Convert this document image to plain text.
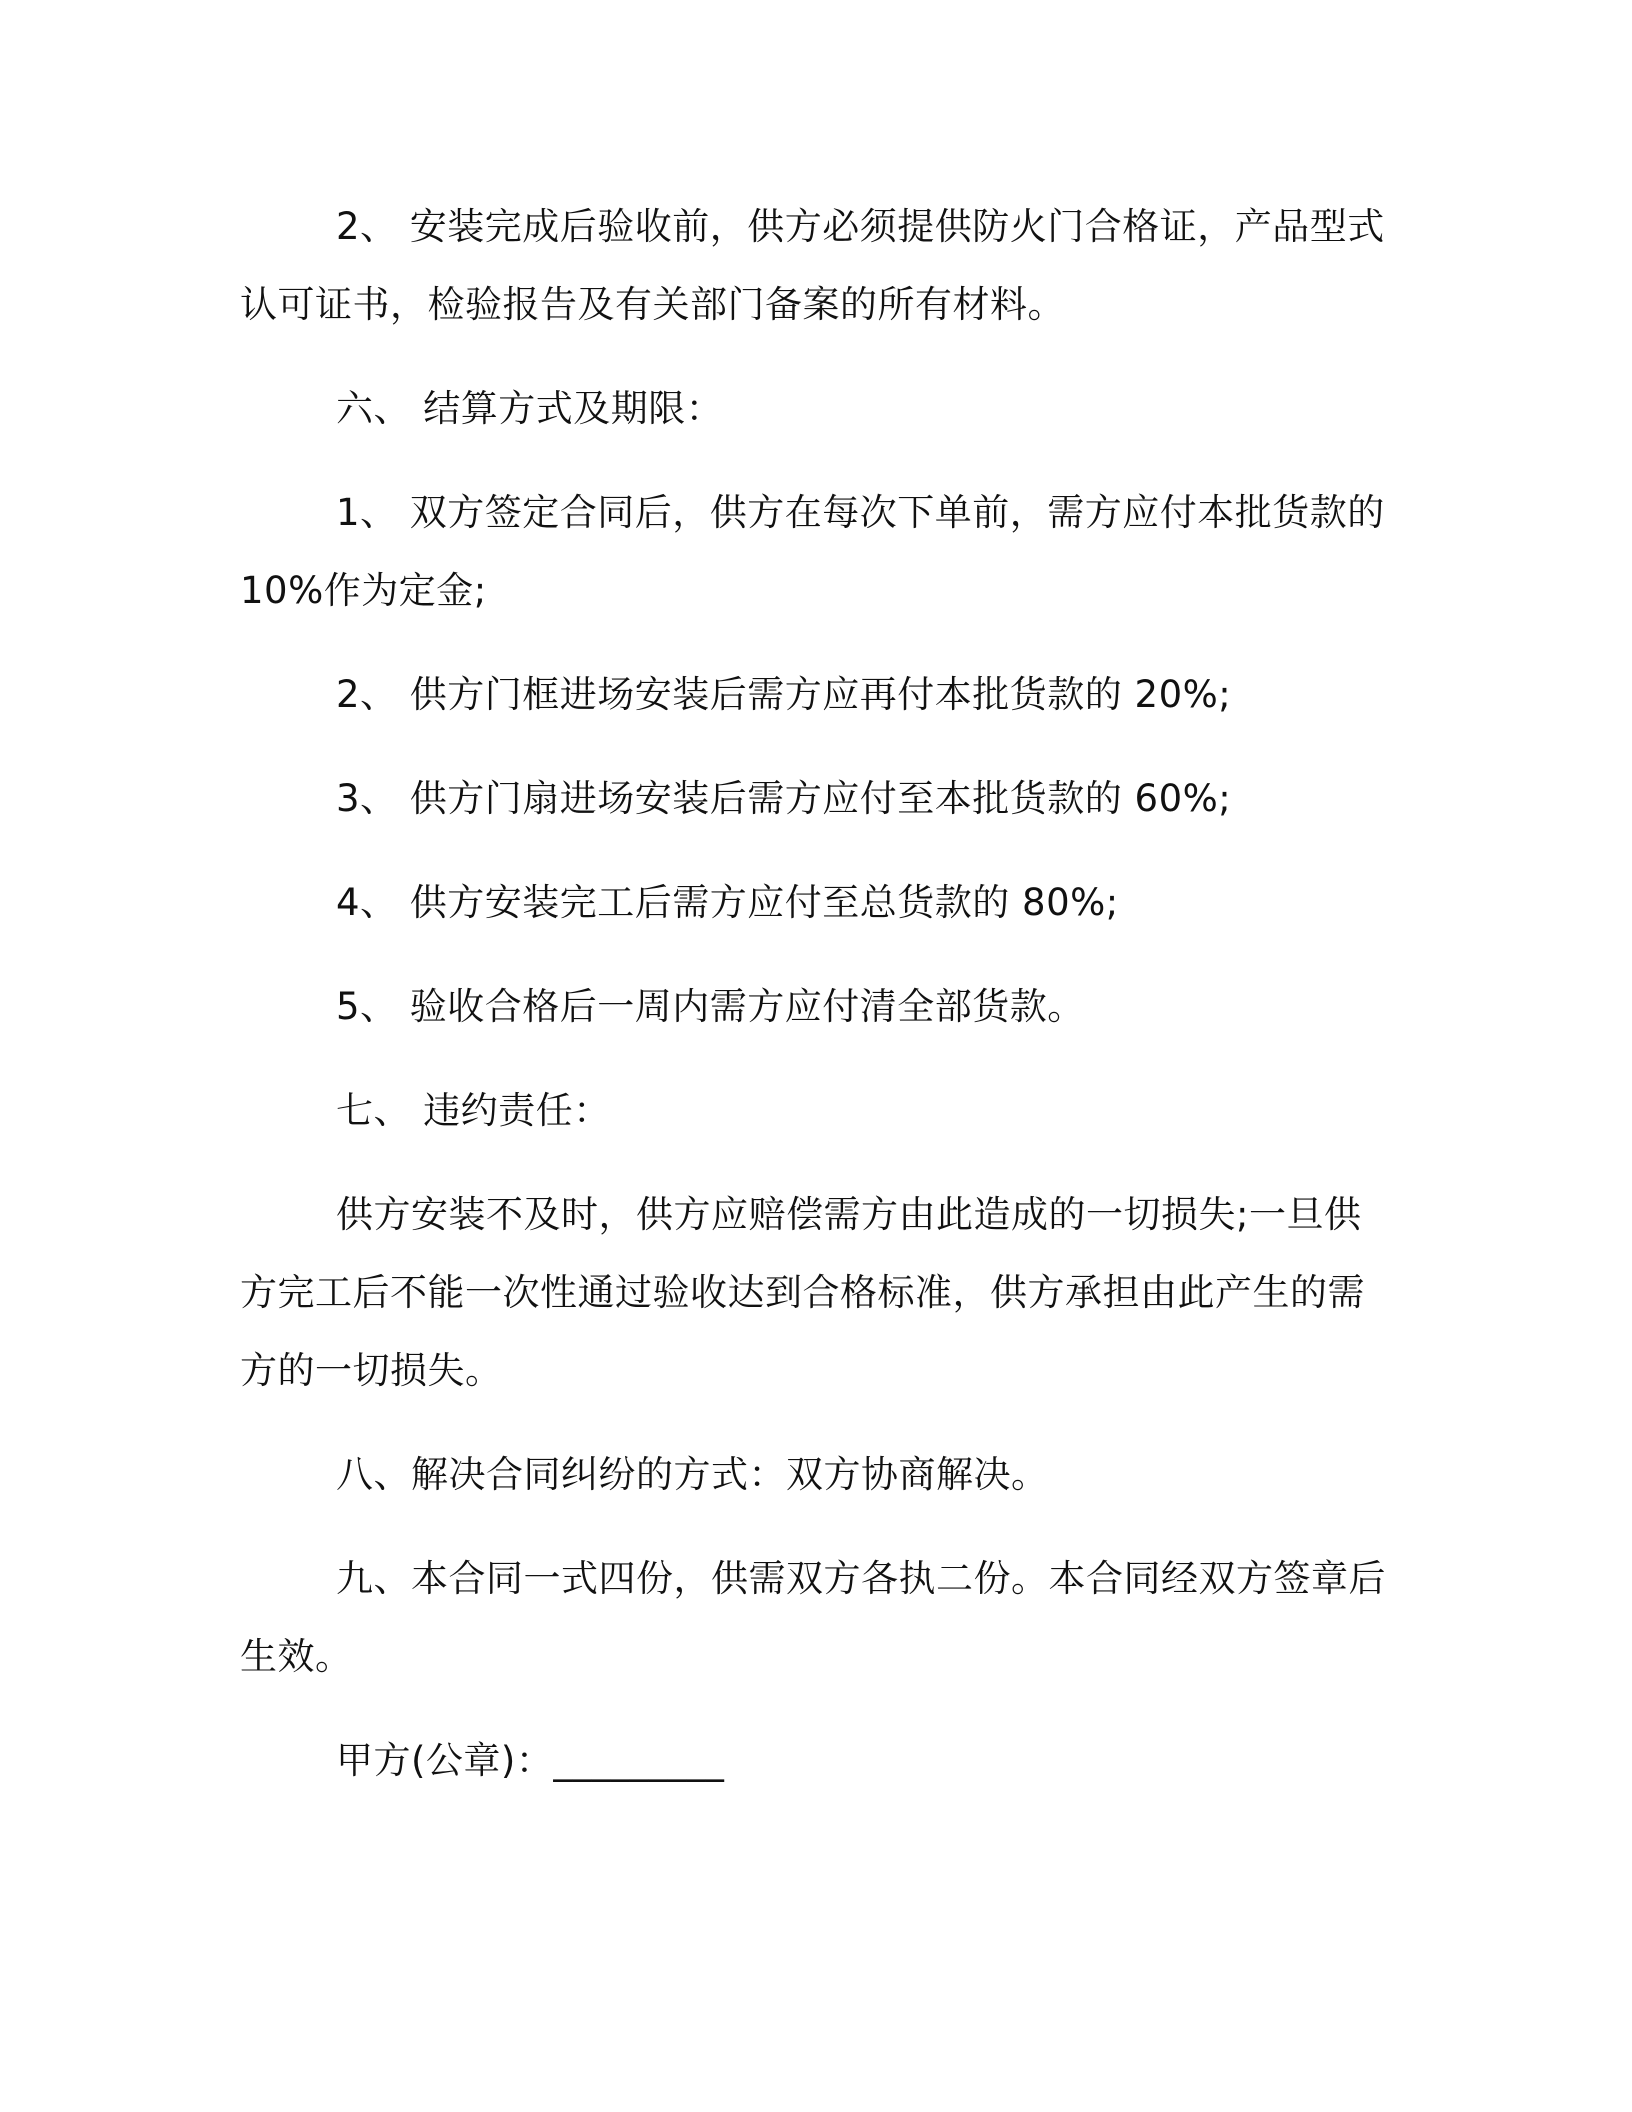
2、 安装完成后验收前，供方必须提供防火门合格证，产品型式认可证书，检验报告及有关部门备案的所有材料。

六、 结算方式及期限：

1、 双方签定合同后，供方在每次下单前，需方应付本批货款的10%作为定金;

2、 供方门框进场安装后需方应再付本批货款的 20%;

3、 供方门扇进场安装后需方应付至本批货款的 60%;

4、 供方安装完工后需方应付至总货款的 80%;

5、 验收合格后一周内需方应付清全部货款。

七、 违约责任：

供方安装不及时，供方应赔偿需方由此造成的一切损失;一旦供方完工后不能一次性通过验收达到合格标准，供方承担由此产生的需方的一切损失。

八、解决合同纠纷的方式：双方协商解决。

九、本合同一式四份，供需双方各执二份。本合同经双方签章后生效。

甲方(公章)：_________
